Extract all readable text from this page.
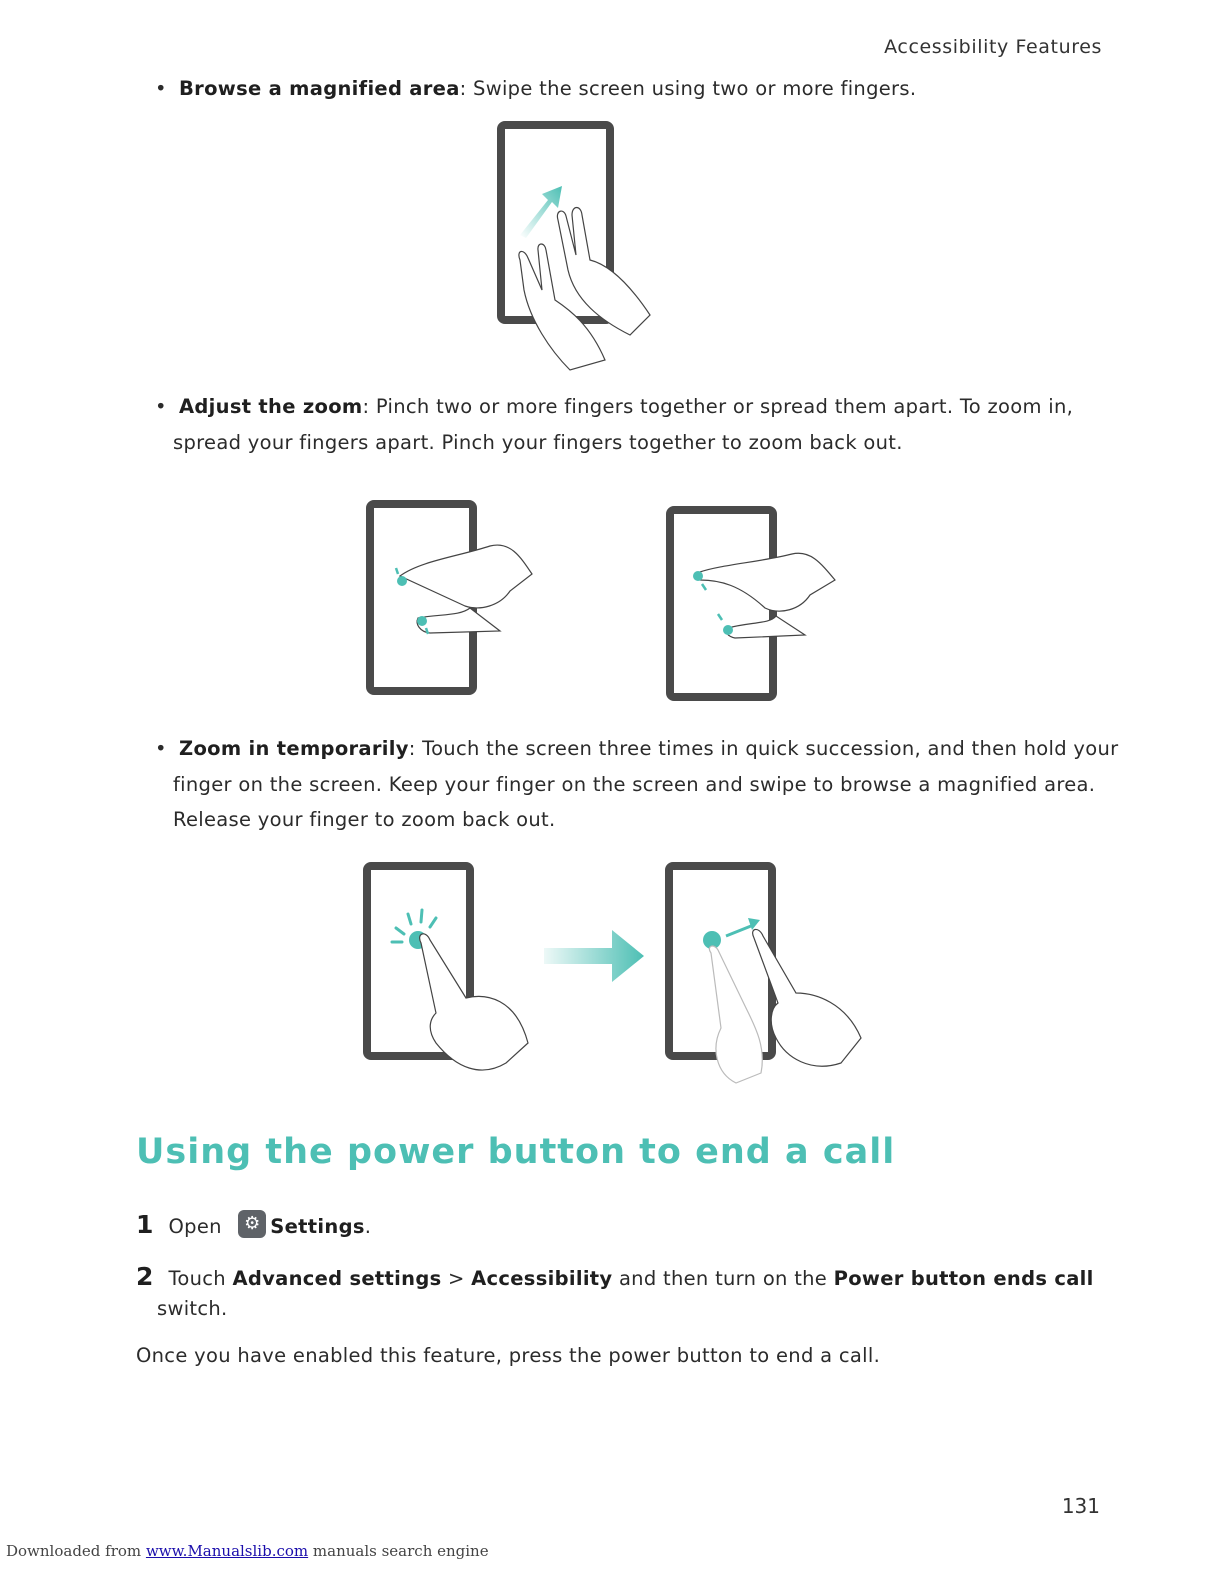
Accessibility Features
• Browse a magnified area: Swipe the screen using two or more fingers.
• Adjust the zoom: Pinch two or more fingers together or spread them apart. To zoom in,
spread your fingers apart. Pinch your fingers together to zoom back out.
• Zoom in temporarily: Touch the screen three times in quick succession, and then hold your
finger on the screen. Keep your finger on the screen and swipe to browse a magnified area.
Release your finger to zoom back out.
Using the power button to end a call
1 Open	⚙ Settings.
2 Touch Advanced settings > Accessibility and then turn on the Power button ends call
switch.
Once you have enabled this feature, press the power button to end a call.
131
Downloaded from www.Manualslib.com manuals search engine
